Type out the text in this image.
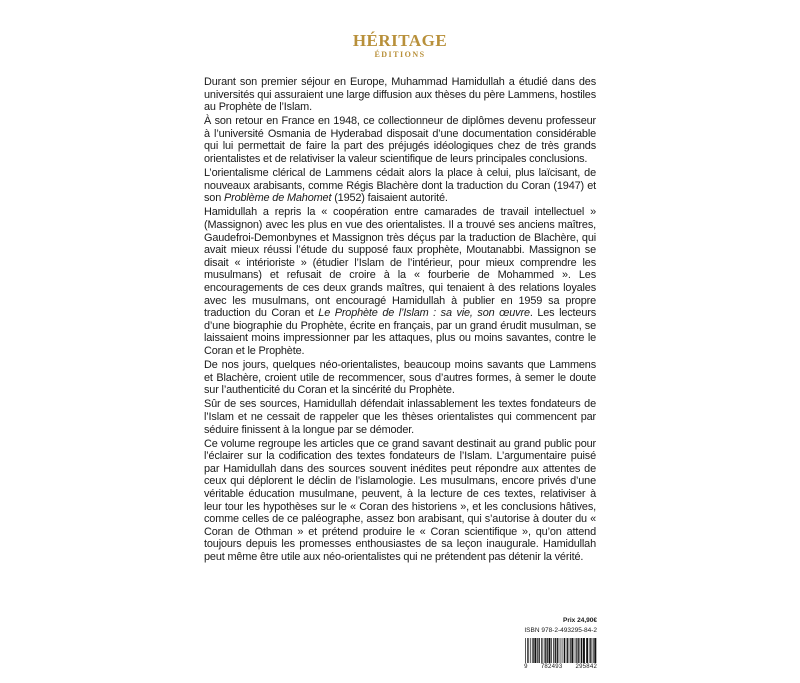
HÉRITAGE
ÉDITIONS

Durant son premier séjour en Europe, Muhammad Hamidullah a étudié dans des universités qui assuraient une large diffusion aux thèses du père Lammens, hostiles au Prophète de l’Islam.

À son retour en France en 1948, ce collectionneur de diplômes devenu professeur à l’université Osmania de Hyderabad disposait d’une documentation considérable qui lui permettait de faire la part des préjugés idéologiques chez de très grands orientalistes et de relativiser la valeur scientifique de leurs principales conclusions.

L’orientalisme clérical de Lammens cédait alors la place à celui, plus laïcisant, de nouveaux arabisants, comme Régis Blachère dont la traduction du Coran (1947) et son Problème de Mahomet (1952) faisaient autorité.

Hamidullah a repris la « coopération entre camarades de travail intellectuel » (Massignon) avec les plus en vue des orientalistes. Il a trouvé ses anciens maîtres, Gaudefroi-Demonbynes et Massignon très déçus par la traduction de Blachère, qui avait mieux réussi l’étude du supposé faux prophète, Moutanabbi. Massignon se disait « intérioriste » (étudier l’Islam de l’intérieur, pour mieux comprendre les musulmans) et refusait de croire à la « fourberie de Mohammed ». Les encouragements de ces deux grands maîtres, qui tenaient à des relations loyales avec les musulmans, ont encouragé Hamidullah à publier en 1959 sa propre traduction du Coran et Le Prophète de l’Islam : sa vie, son œuvre. Les lecteurs d’une biographie du Prophète, écrite en français, par un grand érudit musulman, se laissaient moins impressionner par les attaques, plus ou moins savantes, contre le Coran et le Prophète.

De nos jours, quelques néo-orientalistes, beaucoup moins savants que Lammens et Blachère, croient utile de recommencer, sous d’autres formes, à semer le doute sur l’authenticité du Coran et la sincérité du Prophète.

Sûr de ses sources, Hamidullah défendait inlassablement les textes fondateurs de l’Islam et ne cessait de rappeler que les thèses orientalistes qui commencent par séduire finissent à la longue par se démoder.

Ce volume regroupe les articles que ce grand savant destinait au grand public pour l’éclairer sur la codification des textes fondateurs de l’Islam. L’argumentaire puisé par Hamidullah dans des sources souvent inédites peut répondre aux attentes de ceux qui déplorent le déclin de l’islamologie. Les musulmans, encore privés d’une véritable éducation musulmane, peuvent, à la lecture de ces textes, relativiser à leur tour les hypothèses sur le « Coran des historiens », et les conclusions hâtives, comme celles de ce paléographe, assez bon arabisant, qui s’autorise à douter du « Coran de Othman » et prétend produire le « Coran scientifique », qu’on attend toujours depuis les promesses enthousiastes de sa leçon inaugurale. Hamidullah peut même être utile aux néo-orientalistes qui ne prétendent pas détenir la vérité.

Prix 24,90€
ISBN 978-2-493295-84-2
9 782493 295842
